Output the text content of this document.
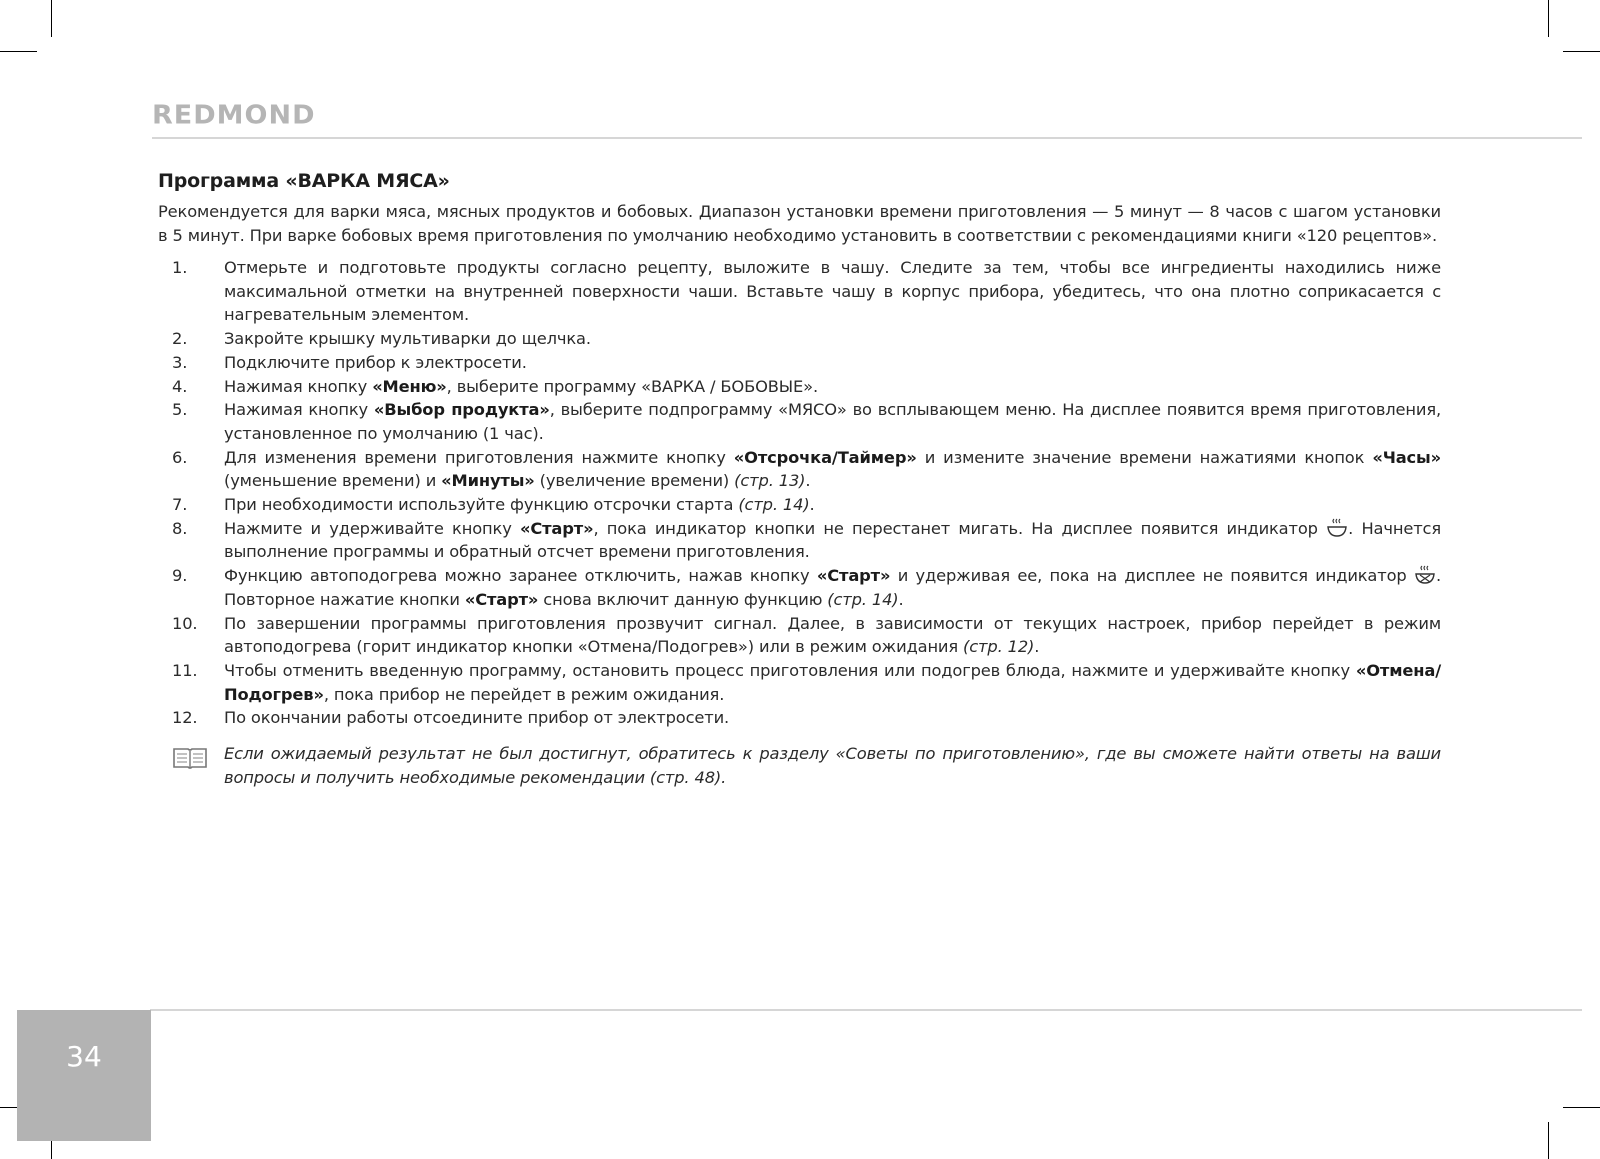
REDMOND
Программа «ВАРКА МЯСА»

Рекомендуется для варки мяса, мясных продуктов и бобовых. Диапазон установки времени приготовления — 5 минут — 8 часов с шагом установки в 5 минут. При варке бобовых время приготовления по умолчанию необходимо установить в соответствии с рекомендациями книги «120 рецептов».

1.	Отмерьте и подготовьте продукты согласно рецепту, выложите в чашу. Следите за тем, чтобы все ингредиенты находились ниже максимальной отметки на внутренней поверхности чаши. Вставьте чашу в корпус прибора, убедитесь, что она плотно соприкасается с нагревательным элементом.
2.	Закройте крышку мультиварки до щелчка.
3.	Подключите прибор к электросети.
4.	Нажимая кнопку «Меню», выберите программу «ВАРКА / БОБОВЫЕ».
5.	Нажимая кнопку «Выбор продукта», выберите подпрограмму «МЯСО» во всплывающем меню. На дисплее появится время приготовления, установленное по умолчанию (1 час).
6.	Для изменения времени приготовления нажмите кнопку «Отсрочка/Таймер» и измените значение времени нажатиями кнопок «Часы» (уменьшение времени) и «Минуты» (увеличение времени) (стр. 13).
7.	При необходимости используйте функцию отсрочки старта (стр. 14).
8.	Нажмите и удерживайте кнопку «Старт», пока индикатор кнопки не перестанет мигать. На дисплее появится индикатор . Начнется выполнение программы и обратный отсчет времени приготовления.
9.	Функцию автоподогрева можно заранее отключить, нажав кнопку «Старт» и удерживая ее, пока на дисплее не появится индикатор . Повторное нажатие кнопки «Старт» снова включит данную функцию (стр. 14).
10.	По завершении программы приготовления прозвучит сигнал. Далее, в зависимости от текущих настроек, прибор перейдет в режим автоподогрева (горит индикатор кнопки «Отмена/Подогрев») или в режим ожидания (стр. 12).
11.	Чтобы отменить введенную программу, остановить процесс приготовления или подогрев блюда, нажмите и удерживайте кнопку «Отмена/Подогрев», пока прибор не перейдет в режим ожидания.
12.	По окончании работы отсоедините прибор от электросети.
Если ожидаемый результат не был достигнут, обратитесь к разделу «Советы по приготовлению», где вы сможете найти ответы на ваши вопросы и получить необходимые рекомендации (стр. 48).
34
